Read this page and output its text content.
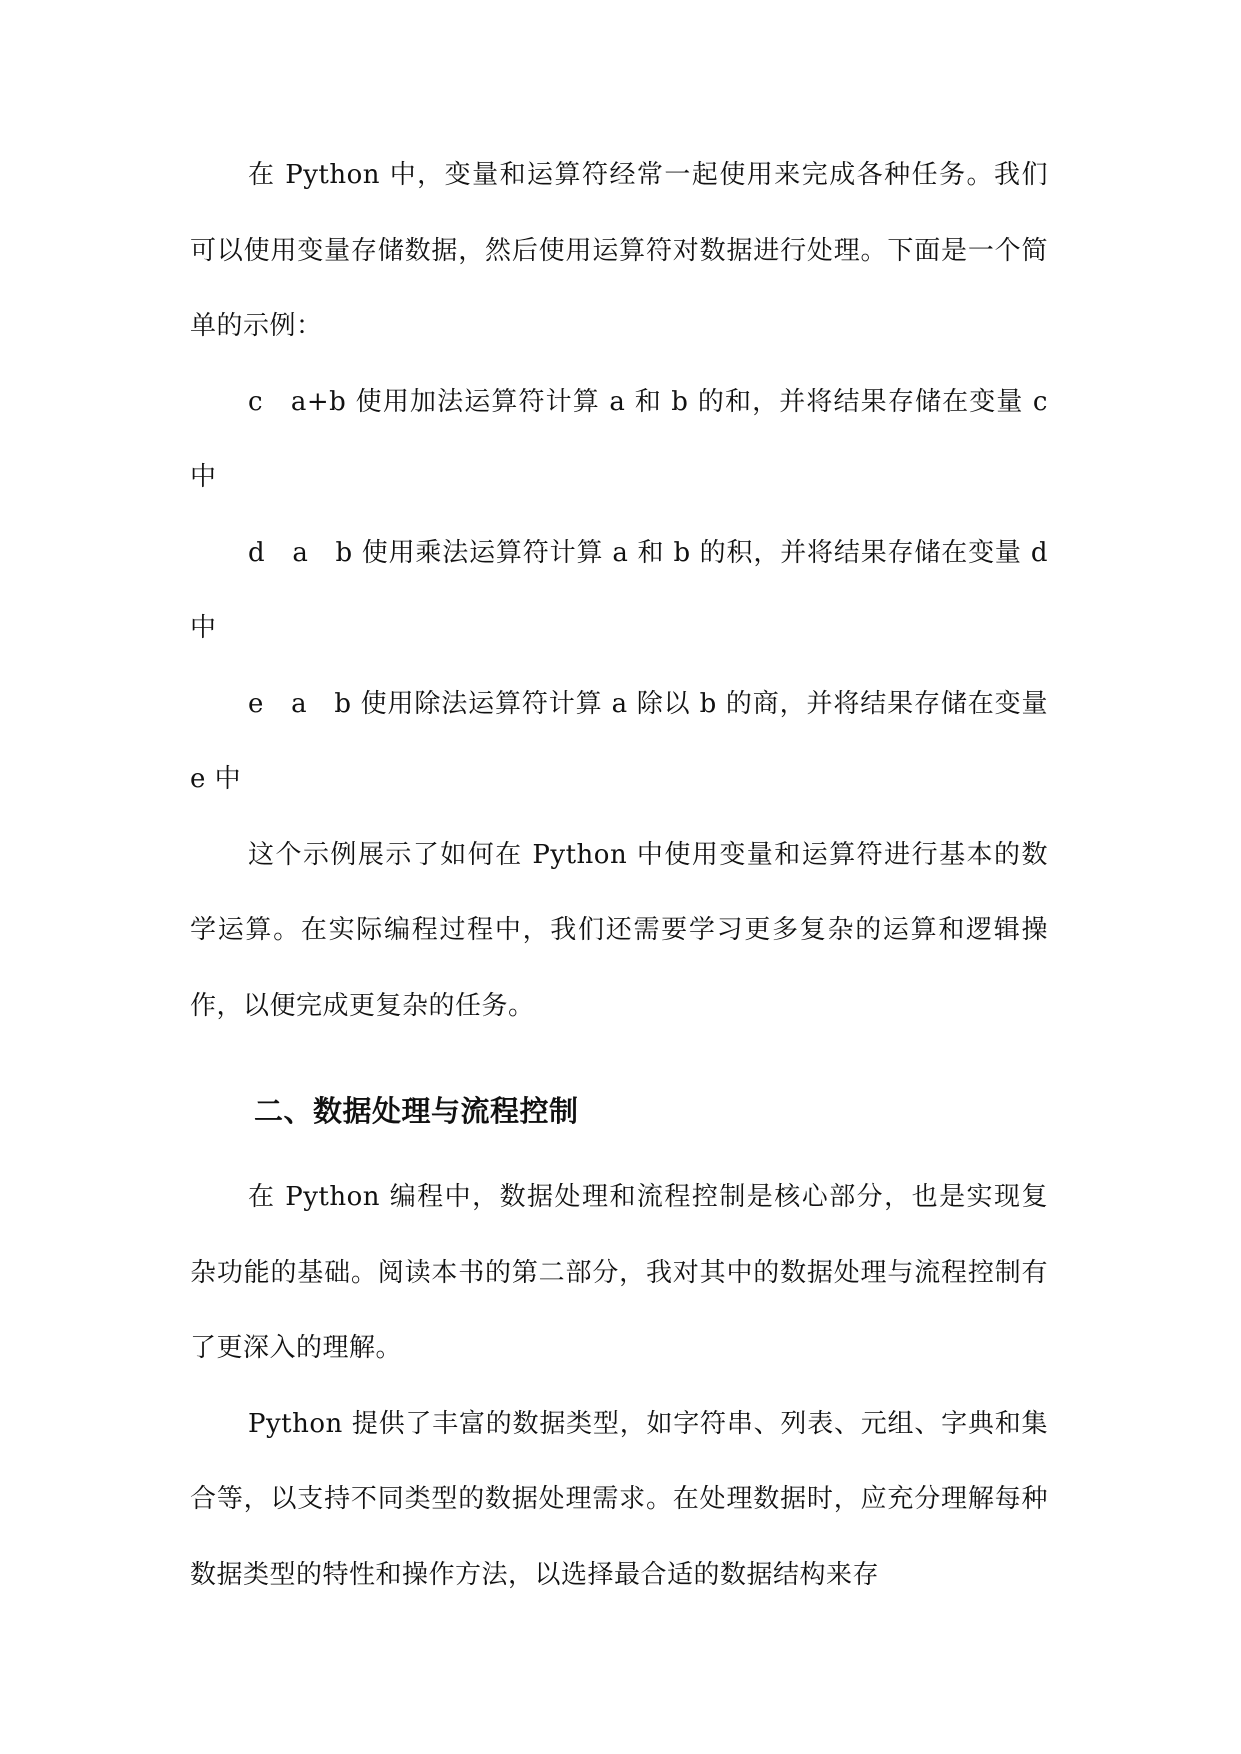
在 Python 中，变量和运算符经常一起使用来完成各种任务。我们可以使用变量存储数据，然后使用运算符对数据进行处理。下面是一个简单的示例：

c　a+b 使用加法运算符计算 a 和 b 的和，并将结果存储在变量 c 中

d　a　b 使用乘法运算符计算 a 和 b 的积，并将结果存储在变量 d 中

e　a　b 使用除法运算符计算 a 除以 b 的商，并将结果存储在变量 e 中

这个示例展示了如何在 Python 中使用变量和运算符进行基本的数学运算。在实际编程过程中，我们还需要学习更多复杂的运算和逻辑操作，以便完成更复杂的任务。

二、数据处理与流程控制

在 Python 编程中，数据处理和流程控制是核心部分，也是实现复杂功能的基础。阅读本书的第二部分，我对其中的数据处理与流程控制有了更深入的理解。

Python 提供了丰富的数据类型，如字符串、列表、元组、字典和集合等，以支持不同类型的数据处理需求。在处理数据时，应充分理解每种数据类型的特性和操作方法，以选择最合适的数据结构来存
